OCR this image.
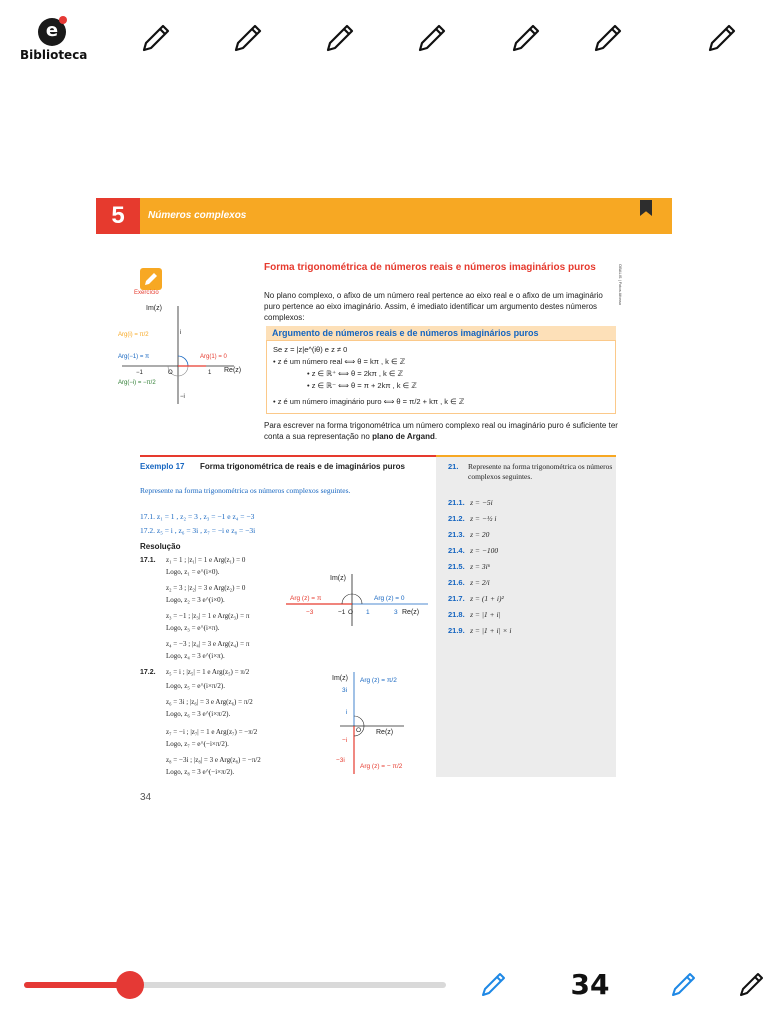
e
Biblioteca
5	Números complexos
Exercício
Im(z)
Re(z)
Arg(i) = π/2
Arg(−1) = π	Arg(1) = 0
Arg(−i) = −π/2
−1	O	1
i
−i
Forma trigonométrica de números reais e números imaginários puros	OBALIS | Fotos Afonso
No plano complexo, o afixo de um número real pertence ao eixo real e o afixo de um imaginário puro pertence ao eixo imaginário. Assim, é imediato identificar um argumento destes números complexos:
Argumento de números reais e de números imaginários puros
Se z = |z|e^(iθ) e z ≠ 0
• z é um número real ⟺ θ = kπ , k ∈ ℤ
• z ∈ ℝ⁺ ⟺ θ = 2kπ , k ∈ ℤ
• z ∈ ℝ⁻ ⟺ θ = π + 2kπ , k ∈ ℤ
• z é um número imaginário puro ⟺ θ = π/2 + kπ , k ∈ ℤ
Para escrever na forma trigonométrica um número complexo real ou imaginário puro é suficiente ter conta a sua representação no plano de Argand.
Exemplo 17 Forma trigonométrica de reais e de imaginários puros
Represente na forma trigonométrica os números complexos seguintes.
17.1. z₁ = 1 , z₂ = 3 , z₃ = −1 e z₄ = −3
17.2. z₅ = i , z₆ = 3i , z₇ = −i e z₈ = −3i
Resolução
17.1. z₁ = 1 ; |z₁| = 1 e Arg(z₁) = 0
Logo, z₁ = e^(i×0).
z₂ = 3 ; |z₂| = 3 e Arg(z₂) = 0
Logo, z₂ = 3 e^(i×0).
z₃ = −1 ; |z₃| = 1 e Arg(z₃) = π
Logo, z₃ = e^(i×π).
z₄ = −3 ; |z₄| = 3 e Arg(z₄) = π
Logo, z₄ = 3 e^(i×π).
Im(z)
Re(z)
Arg (z) = π	Arg (z) = 0
−3	−1 O 1	3
17.2. z₅ = i ; |z₅| = 1 e Arg(z₅) = π/2
Logo, z₅ = e^(i×π/2).
z₆ = 3i ; |z₆| = 3 e Arg(z₆) = π/2
Logo, z₆ = 3 e^(i×π/2).
z₇ = −i ; |z₇| = 1 e Arg(z₇) = −π/2
Logo, z₇ = e^(−i×π/2).
z₈ = −3i ; |z₈| = 3 e Arg(z₈) = −π/2
Logo, z₈ = 3 e^(−i×π/2).
Im(z) Arg (z) = π/2
3i
i
O Re(z)
−i
−3i
Arg (z) = − π/2
21. Represente na forma trigonométrica os números complexos seguintes.
21.1. z = −5i
21.2. z = −½ i
21.3. z = 20
21.4. z = −100
21.5. z = 3i⁶
21.6. z = 2/i
21.7. z = (1 + i)²
21.8. z = |1 + i|
21.9. z = |1 + i| × i
34
34
